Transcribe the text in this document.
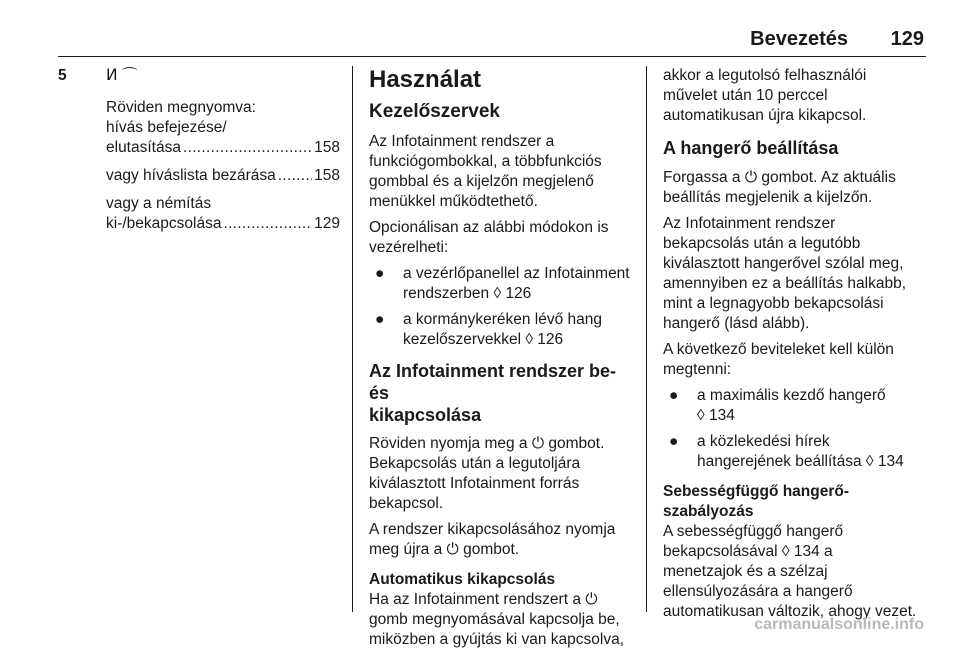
Bevezetés 129
5	ⵍ ⌒

Röviden megnyomva:

hívás befejezése/

elutasítása . . .	158
vagy híváslista bezárása . . . 158

vagy a némítás

ki-/bekapcsolása . . .	129
Használat
Kezelőszervek

Az Infotainment rendszer a

funkciógombokkal, a többfunkciós

gombbal és a kijelzőn megjelenő

menükkel működtethető.

Opcionálisan az alábbi módokon is

vezérelheti:

●	a vezérlőpanellel az Infotainment

rendszerben ◊ 126

●	a kormánykeréken lévő hang

kezelőszervekkel ◊ 126

Az Infotainment rendszer be- és
kikapcsolása

Röviden nyomja meg a ⏻ gombot.

Bekapcsolás után a legutoljára

kiválasztott Infotainment forrás

bekapcsol.

A rendszer kikapcsolásához nyomja

meg újra a ⏻ gombot.

Automatikus kikapcsolás

Ha az Infotainment rendszert a ⏻

gomb megnyomásával kapcsolja be,

miközben a gyújtás ki van kapcsolva,

akkor a legutolsó felhasználói

művelet után 10 perccel

automatikusan újra kikapcsol.

A hangerő beállítása

Forgassa a ⏻ gombot. Az aktuális

beállítás megjelenik a kijelzőn.

Az Infotainment rendszer

bekapcsolás után a legutóbb

kiválasztott hangerővel szólal meg,

amennyiben ez a beállítás halkabb,

mint a legnagyobb bekapcsolási

hangerő (lásd alább).

A következő beviteleket kell külön

megtenni:

●	a maximális kezdő hangerő

◊ 134

●	a közlekedési hírek

hangerejének beállítása ◊ 134

Sebességfüggő hangerő-
szabályozás

A sebességfüggő hangerő

bekapcsolásával ◊ 134 a

menetzajok és a szélzaj

ellensúlyozására a hangerő

automatikusan változik, ahogy vezet.

carmanualsonline.info
